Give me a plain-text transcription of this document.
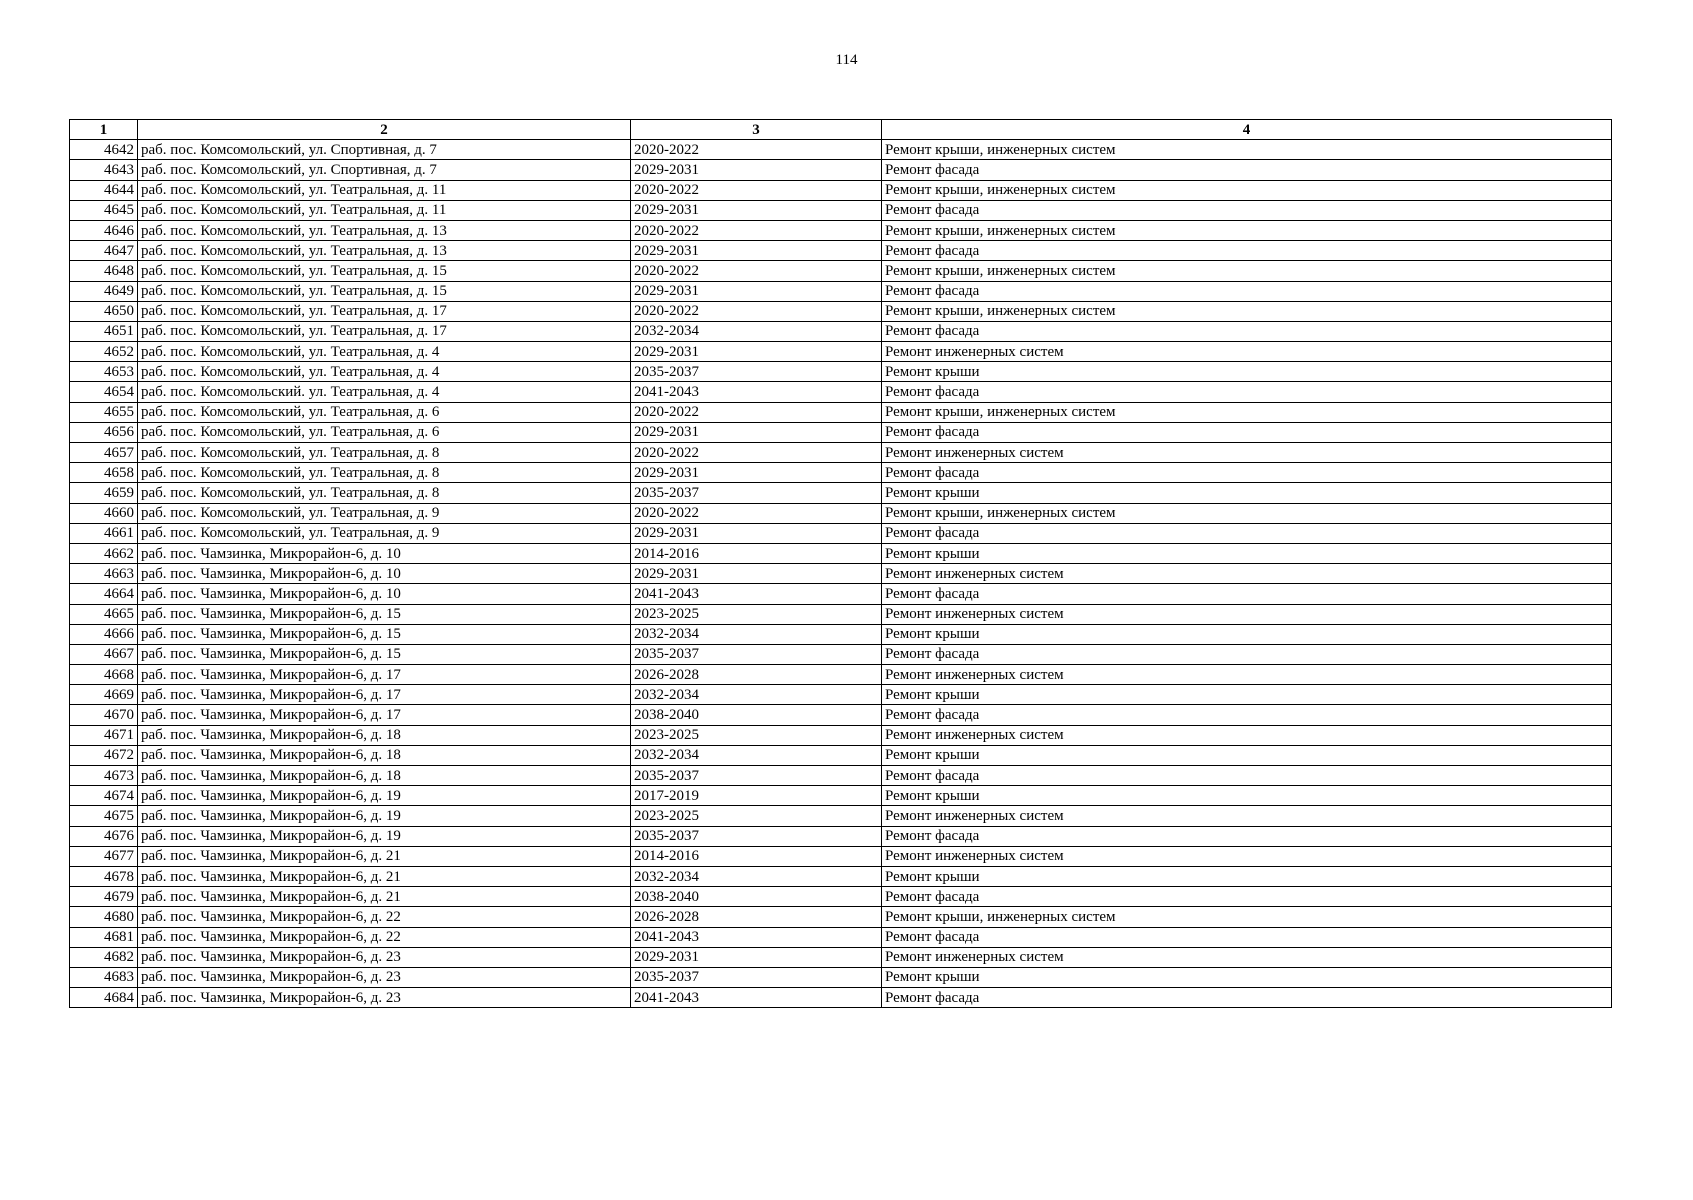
114
1	2	3	4
4642	раб. пос. Комсомольский, ул. Спортивная, д. 7	2020-2022	Ремонт крыши, инженерных систем
4643	раб. пос. Комсомольский, ул. Спортивная, д. 7	2029-2031	Ремонт фасада
4644	раб. пос. Комсомольский, ул. Театральная, д. 11	2020-2022	Ремонт крыши, инженерных систем
4645	раб. пос. Комсомольский, ул. Театральная, д. 11	2029-2031	Ремонт фасада
4646	раб. пос. Комсомольский, ул. Театральная, д. 13	2020-2022	Ремонт крыши, инженерных систем
4647	раб. пос. Комсомольский, ул. Театральная, д. 13	2029-2031	Ремонт фасада
4648	раб. пос. Комсомольский, ул. Театральная, д. 15	2020-2022	Ремонт крыши, инженерных систем
4649	раб. пос. Комсомольский, ул. Театральная, д. 15	2029-2031	Ремонт фасада
4650	раб. пос. Комсомольский, ул. Театральная, д. 17	2020-2022	Ремонт крыши, инженерных систем
4651	раб. пос. Комсомольский, ул. Театральная, д. 17	2032-2034	Ремонт фасада
4652	раб. пос. Комсомольский, ул. Театральная, д. 4	2029-2031	Ремонт инженерных систем
4653	раб. пос. Комсомольский, ул. Театральная, д. 4	2035-2037	Ремонт крыши
4654	раб. пос. Комсомольский. ул. Театральная, д. 4	2041-2043	Ремонт фасада
4655	раб. пос. Комсомольский, ул. Театральная, д. 6	2020-2022	Ремонт крыши, инженерных систем
4656	раб. пос. Комсомольский, ул. Театральная, д. 6	2029-2031	Ремонт фасада
4657	раб. пос. Комсомольский, ул. Театральная, д. 8	2020-2022	Ремонт инженерных систем
4658	раб. пос. Комсомольский, ул. Театральная, д. 8	2029-2031	Ремонт фасада
4659	раб. пос. Комсомольский, ул. Театральная, д. 8	2035-2037	Ремонт крыши
4660	раб. пос. Комсомольский, ул. Театральная, д. 9	2020-2022	Ремонт крыши, инженерных систем
4661	раб. пос. Комсомольский, ул. Театральная, д. 9	2029-2031	Ремонт фасада
4662	раб. пос. Чамзинка, Микрорайон-6, д. 10	2014-2016	Ремонт крыши
4663	раб. пос. Чамзинка, Микрорайон-6, д. 10	2029-2031	Ремонт инженерных систем
4664	раб. пос. Чамзинка, Микрорайон-6, д. 10	2041-2043	Ремонт фасада
4665	раб. пос. Чамзинка, Микрорайон-6, д. 15	2023-2025	Ремонт инженерных систем
4666	раб. пос. Чамзинка, Микрорайон-6, д. 15	2032-2034	Ремонт крыши
4667	раб. пос. Чамзинка, Микрорайон-6, д. 15	2035-2037	Ремонт фасада
4668	раб. пос. Чамзинка, Микрорайон-6, д. 17	2026-2028	Ремонт инженерных систем
4669	раб. пос. Чамзинка, Микрорайон-6, д. 17	2032-2034	Ремонт крыши
4670	раб. пос. Чамзинка, Микрорайон-6, д. 17	2038-2040	Ремонт фасада
4671	раб. пос. Чамзинка, Микрорайон-6, д. 18	2023-2025	Ремонт инженерных систем
4672	раб. пос. Чамзинка, Микрорайон-6, д. 18	2032-2034	Ремонт крыши
4673	раб. пос. Чамзинка, Микрорайон-6, д. 18	2035-2037	Ремонт фасада
4674	раб. пос. Чамзинка, Микрорайон-6, д. 19	2017-2019	Ремонт крыши
4675	раб. пос. Чамзинка, Микрорайон-6, д. 19	2023-2025	Ремонт инженерных систем
4676	раб. пос. Чамзинка, Микрорайон-6, д. 19	2035-2037	Ремонт фасада
4677	раб. пос. Чамзинка, Микрорайон-6, д. 21	2014-2016	Ремонт инженерных систем
4678	раб. пос. Чамзинка, Микрорайон-6, д. 21	2032-2034	Ремонт крыши
4679	раб. пос. Чамзинка, Микрорайон-6, д. 21	2038-2040	Ремонт фасада
4680	раб. пос. Чамзинка, Микрорайон-6, д. 22	2026-2028	Ремонт крыши, инженерных систем
4681	раб. пос. Чамзинка, Микрорайон-6, д. 22	2041-2043	Ремонт фасада
4682	раб. пос. Чамзинка, Микрорайон-6, д. 23	2029-2031	Ремонт инженерных систем
4683	раб. пос. Чамзинка, Микрорайон-6, д. 23	2035-2037	Ремонт крыши
4684	раб. пос. Чамзинка, Микрорайон-6, д. 23	2041-2043	Ремонт фасада
